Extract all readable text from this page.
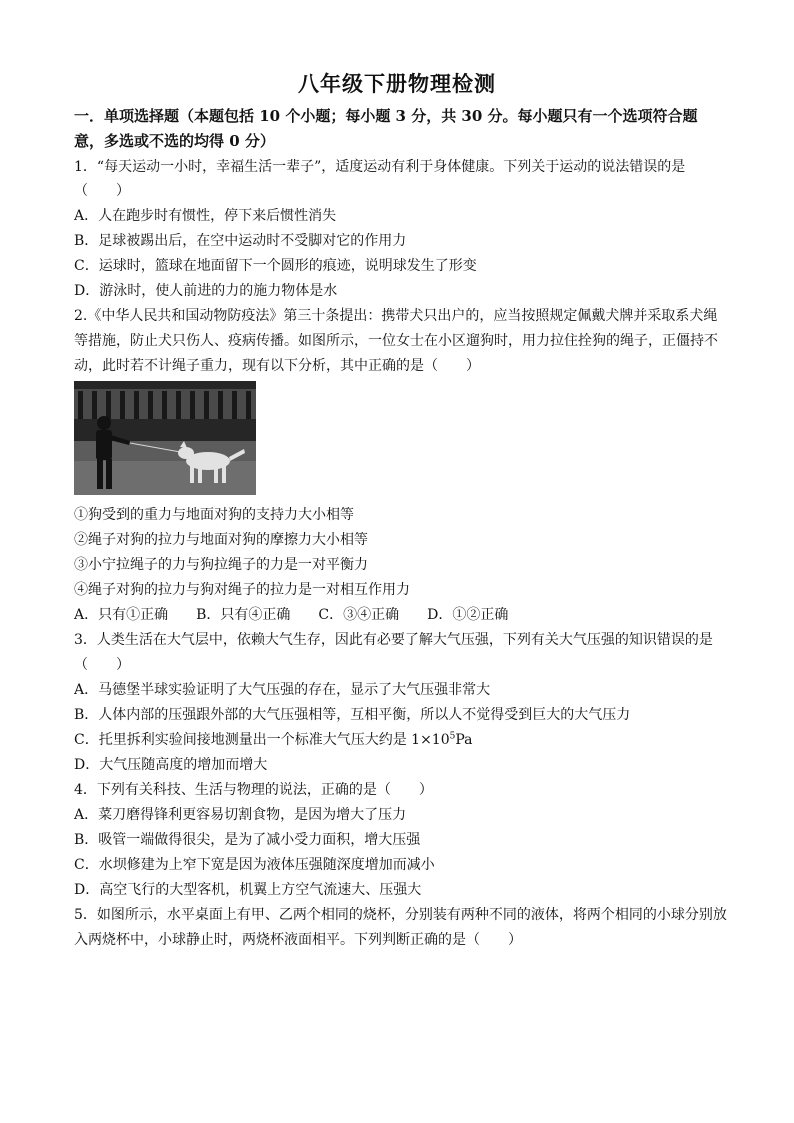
八年级下册物理检测
一．单项选择题（本题包括 10 个小题；每小题 3 分，共 30 分。每小题只有一个选项符合题
意，多选或不选的均得 0 分）
1．“每天运动一小时，幸福生活一辈子”，适度运动有利于身体健康。下列关于运动的说法错误的是
（　　）
A．人在跑步时有惯性，停下来后惯性消失
B．足球被踢出后，在空中运动时不受脚对它的作用力
C．运球时，篮球在地面留下一个圆形的痕迹，说明球发生了形变
D．游泳时，使人前进的力的施力物体是水
2.《中华人民共和国动物防疫法》第三十条提出：携带犬只出户的，应当按照规定佩戴犬牌并采取系犬绳
等措施，防止犬只伤人、疫病传播。如图所示，一位女士在小区遛狗时，用力拉住拴狗的绳子，正僵持不
动，此时若不计绳子重力，现有以下分析，其中正确的是（　　）
①狗受到的重力与地面对狗的支持力大小相等
②绳子对狗的拉力与地面对狗的摩擦力大小相等
③小宁拉绳子的力与狗拉绳子的力是一对平衡力
④绳子对狗的拉力与狗对绳子的拉力是一对相互作用力
A．只有①正确　　B．只有④正确　　C．③④正确　　D．①②正确
3．人类生活在大气层中，依赖大气生存，因此有必要了解大气压强，下列有关大气压强的知识错误的是
（　　）
A．马德堡半球实验证明了大气压强的存在，显示了大气压强非常大
B．人体内部的压强跟外部的大气压强相等，互相平衡，所以人不觉得受到巨大的大气压力
C．托里拆利实验间接地测量出一个标准大气压大约是 $1\times 10^5Pa$
D．大气压随高度的增加而增大
4．下列有关科技、生活与物理的说法，正确的是（　　）
A．菜刀磨得锋利更容易切割食物，是因为增大了压力
B．吸管一端做得很尖，是为了减小受力面积，增大压强
C．水坝修建为上窄下宽是因为液体压强随深度增加而减小
D．高空飞行的大型客机，机翼上方空气流速大、压强大
5．如图所示，水平桌面上有甲、乙两个相同的烧杯，分别装有两种不同的液体，将两个相同的小球分别放
入两烧杯中，小球静止时，两烧杯液面相平。下列判断正确的是（　　）
